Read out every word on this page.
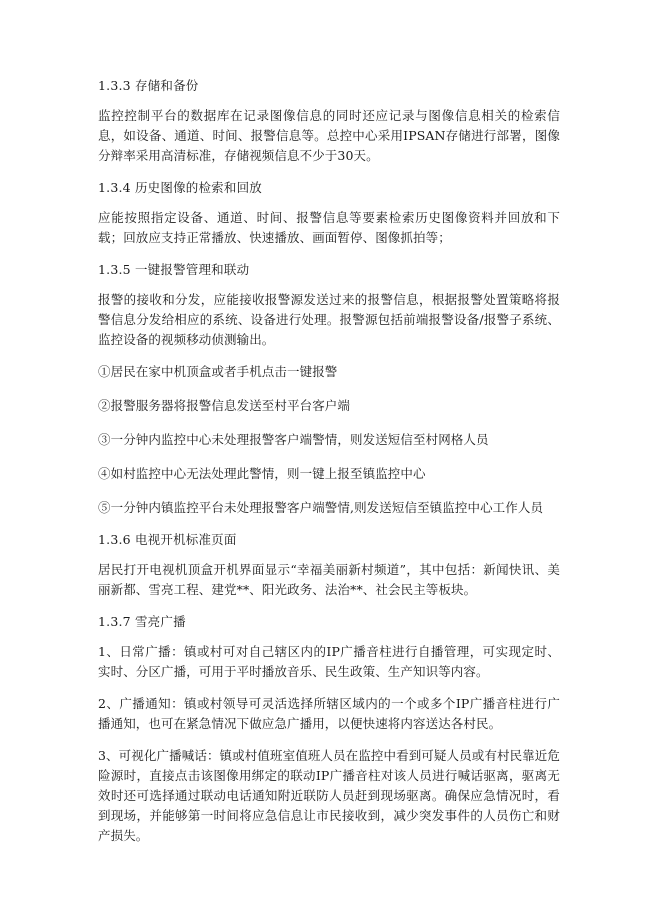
1.3.3 存储和备份

监控控制平台的数据库在记录图像信息的同时还应记录与图像信息相关的检索信息，如设备、通道、时间、报警信息等。总控中心采用IPSAN存储进行部署，图像分辩率采用高清标准，存储视频信息不少于30天。

1.3.4 历史图像的检索和回放

应能按照指定设备、通道、时间、报警信息等要素检索历史图像资料并回放和下载；回放应支持正常播放、快速播放、画面暂停、图像抓拍等；

1.3.5 一键报警管理和联动

报警的接收和分发，应能接收报警源发送过来的报警信息，根据报警处置策略将报警信息分发给相应的系统、设备进行处理。报警源包括前端报警设备/报警子系统、监控设备的视频移动侦测输出。

①居民在家中机顶盒或者手机点击一键报警

②报警服务器将报警信息发送至村平台客户端

③一分钟内监控中心未处理报警客户端警情，则发送短信至村网格人员

④如村监控中心无法处理此警情，则一键上报至镇监控中心

⑤一分钟内镇监控平台未处理报警客户端警情,则发送短信至镇监控中心工作人员

1.3.6 电视开机标准页面

居民打开电视机顶盒开机界面显示“幸福美丽新村频道”，其中包括：新闻快讯、美丽新都、雪亮工程、建党**、阳光政务、法治**、社会民主等板块。

1.3.7 雪亮广播

1、日常广播：镇或村可对自己辖区内的IP广播音柱进行自播管理，可实现定时、实时、分区广播，可用于平时播放音乐、民生政策、生产知识等内容。

2、广播通知：镇或村领导可灵活选择所辖区域内的一个或多个IP广播音柱进行广播通知，也可在紧急情况下做应急广播用，以便快速将内容送达各村民。

3、可视化广播喊话：镇或村值班室值班人员在监控中看到可疑人员或有村民靠近危险源时，直接点击该图像用绑定的联动IP广播音柱对该人员进行喊话驱离，驱离无效时还可选择通过联动电话通知附近联防人员赶到现场驱离。确保应急情况时，看到现场，并能够第一时间将应急信息让市民接收到，减少突发事件的人员伤亡和财产损失。
